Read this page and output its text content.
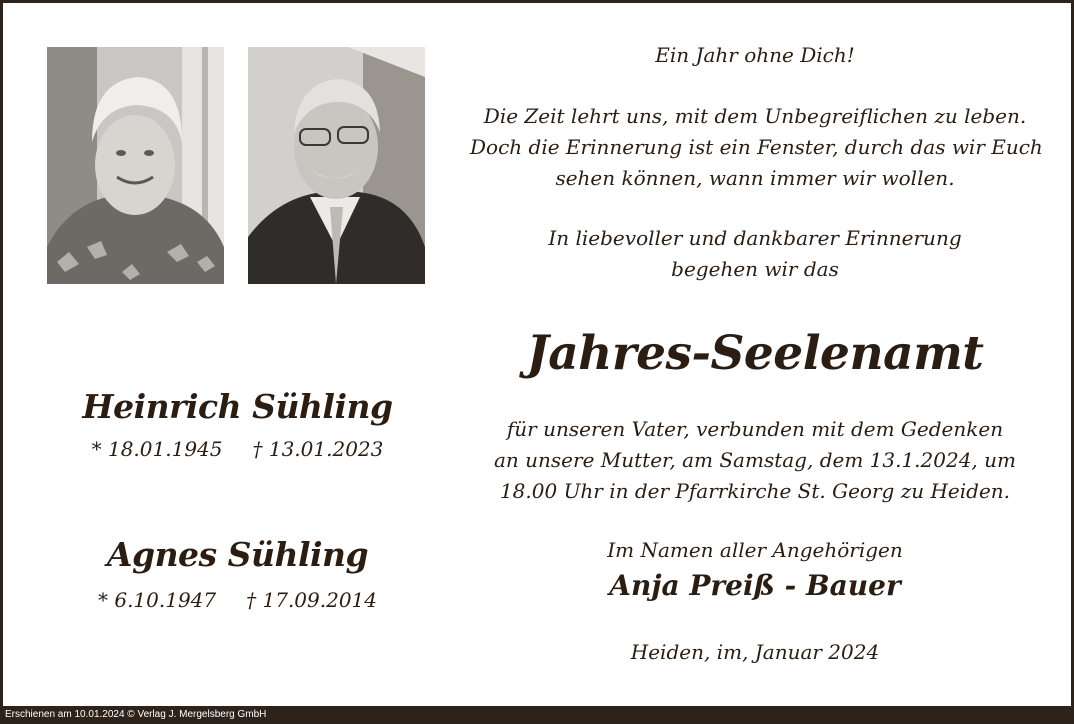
Heinrich Sühling
* 18.01.1945 † 13.01.2023
Agnes Sühling
* 6.10.1947 † 17.09.2014
Ein Jahr ohne Dich!
Die Zeit lehrt uns, mit dem Unbegreiflichen zu leben.
Doch die Erinnerung ist ein Fenster, durch das wir Euch
sehen können, wann immer wir wollen.
In liebevoller und dankbarer Erinnerung
begehen wir das
Jahres-Seelenamt
für unseren Vater, verbunden mit dem Gedenken
an unsere Mutter, am Samstag, dem 13.1.2024, um
18.00 Uhr in der Pfarrkirche St. Georg zu Heiden.
Im Namen aller Angehörigen
Anja Preiß - Bauer
Heiden, im, Januar 2024
Erschienen am 10.01.2024 © Verlag J. Mergelsberg GmbH
